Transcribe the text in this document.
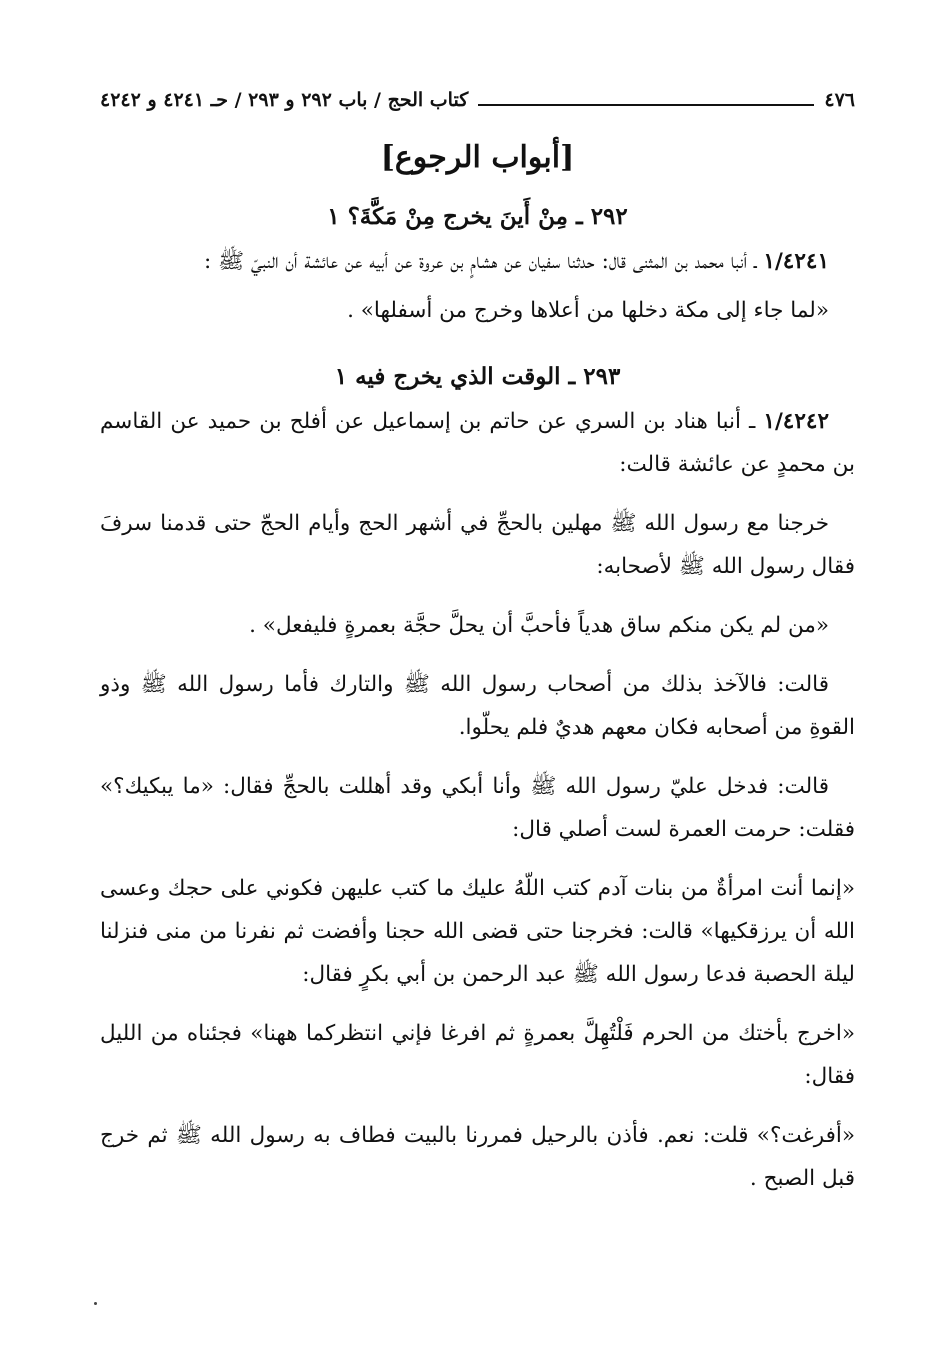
٤٧٦
كتاب الحج / باب ٢٩٢ و ٢٩٣ / حـ ٤٢٤١ و ٤٢٤٢
[أبواب الرجوع]
٢٩٢ ـ مِنْ أَينَ يخرج مِنْ مَكَّةَ؟ ١

١/٤٢٤١ ـ أنبا محمد بن المثنى قال: حدثنا سفيان عن هشامٍ بن عروة عن أبيه عن عائشة أن النبيّ ﷺ :

«لما جاء إلى مكة دخلها من أعلاها وخرج من أسفلها» .

٢٩٣ ـ الوقت الذي يخرج فيه ١

١/٤٢٤٢ ـ أنبا هناد بن السري عن حاتم بن إسماعيل عن أفلح بن حميد عن القاسم بن محمدٍ عن عائشة قالت:

خرجنا مع رسول الله ﷺ مهلين بالحجِّ في أشهر الحج وأيام الحجّ حتى قدمنا سرفَ فقال رسول الله ﷺ لأصحابه:

«من لم يكن منكم ساق هدياً فأحبَّ أن يحلَّ حجَّة بعمرةٍ فليفعل» .

قالت: فالآخذ بذلك من أصحاب رسول الله ﷺ والتارك فأما رسول الله ﷺ وذو القوةِ من أصحابه فكان معهم هديٌ فلم يحلّوا.

قالت: فدخل عليّ رسول الله ﷺ وأنا أبكي وقد أهللت بالحجِّ فقال: «ما يبكيك؟» فقلت: حرمت العمرة لست أصلي قال:

«إنما أنت امرأةٌ من بنات آدم كتب اللّهُ عليك ما كتب عليهن فكوني على حجك وعسى الله أن يرزقكيها» قالت: فخرجنا حتى قضى الله حجنا وأفضت ثم نفرنا من منى فنزلنا ليلة الحصبة فدعا رسول الله ﷺ عبد الرحمن بن أبي بكرٍ فقال:

«اخرج بأختك من الحرم فَلْتُهِلَّ بعمرةٍ ثم افرغا فإني انتظركما ههنا» فجئناه من الليل فقال:

«أفرغت؟» قلت: نعم. فأذن بالرحيل فمررنا بالبيت فطاف به رسول الله ﷺ ثم خرج قبل الصبح .
